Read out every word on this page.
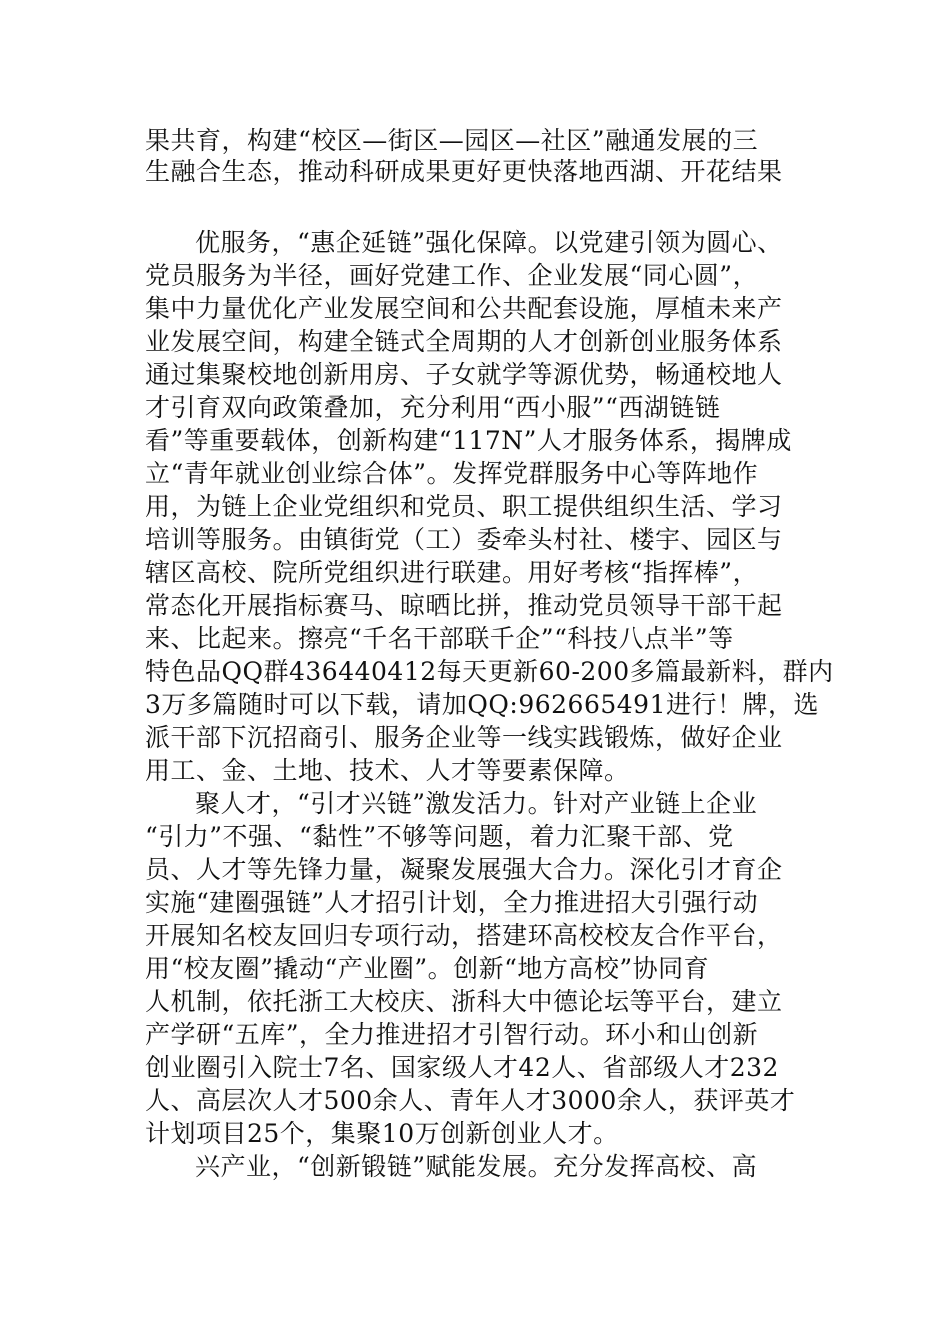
果共育，构建“校区—街区—园区—社区”融通发展的三
生融合生态，推动科研成果更好更快落地西湖、开花结果
优服务，“惠企延链”强化保障。以党建引领为圆心、
党员服务为半径，画好党建工作、企业发展“同心圆”，
集中力量优化产业发展空间和公共配套设施，厚植未来产
业发展空间，构建全链式全周期的人才创新创业服务体系
通过集聚校地创新用房、子女就学等源优势，畅通校地人
才引育双向政策叠加，充分利用“西小服”“西湖链链
看”等重要载体，创新构建“117N”人才服务体系，揭牌成
立“青年就业创业综合体”。发挥党群服务中心等阵地作
用，为链上企业党组织和党员、职工提供组织生活、学习
培训等服务。由镇街党（工）委牵头村社、楼宇、园区与
辖区高校、院所党组织进行联建。用好考核“指挥棒”，
常态化开展指标赛马、晾晒比拼，推动党员领导干部干起
来、比起来。擦亮“千名干部联千企”“科技八点半”等
特色品QQ群436440412每天更新60-200多篇最新料，群内
3万多篇随时可以下载，请加QQ:962665491进行！牌，选
派干部下沉招商引、服务企业等一线实践锻炼，做好企业
用工、金、土地、技术、人才等要素保障。
聚人才，“引才兴链”激发活力。针对产业链上企业
“引力”不强、“黏性”不够等问题，着力汇聚干部、党
员、人才等先锋力量，凝聚发展强大合力。深化引才育企
实施“建圈强链”人才招引计划，全力推进招大引强行动
开展知名校友回归专项行动，搭建环高校校友合作平台，
用“校友圈”撬动“产业圈”。创新“地方高校”协同育
人机制，依托浙工大校庆、浙科大中德论坛等平台，建立
产学研“五库”，全力推进招才引智行动。环小和山创新
创业圈引入院士7名、国家级人才42人、省部级人才232
人、高层次人才500余人、青年人才3000余人，获评英才
计划项目25个，集聚10万创新创业人才。
兴产业，“创新锻链”赋能发展。充分发挥高校、高
